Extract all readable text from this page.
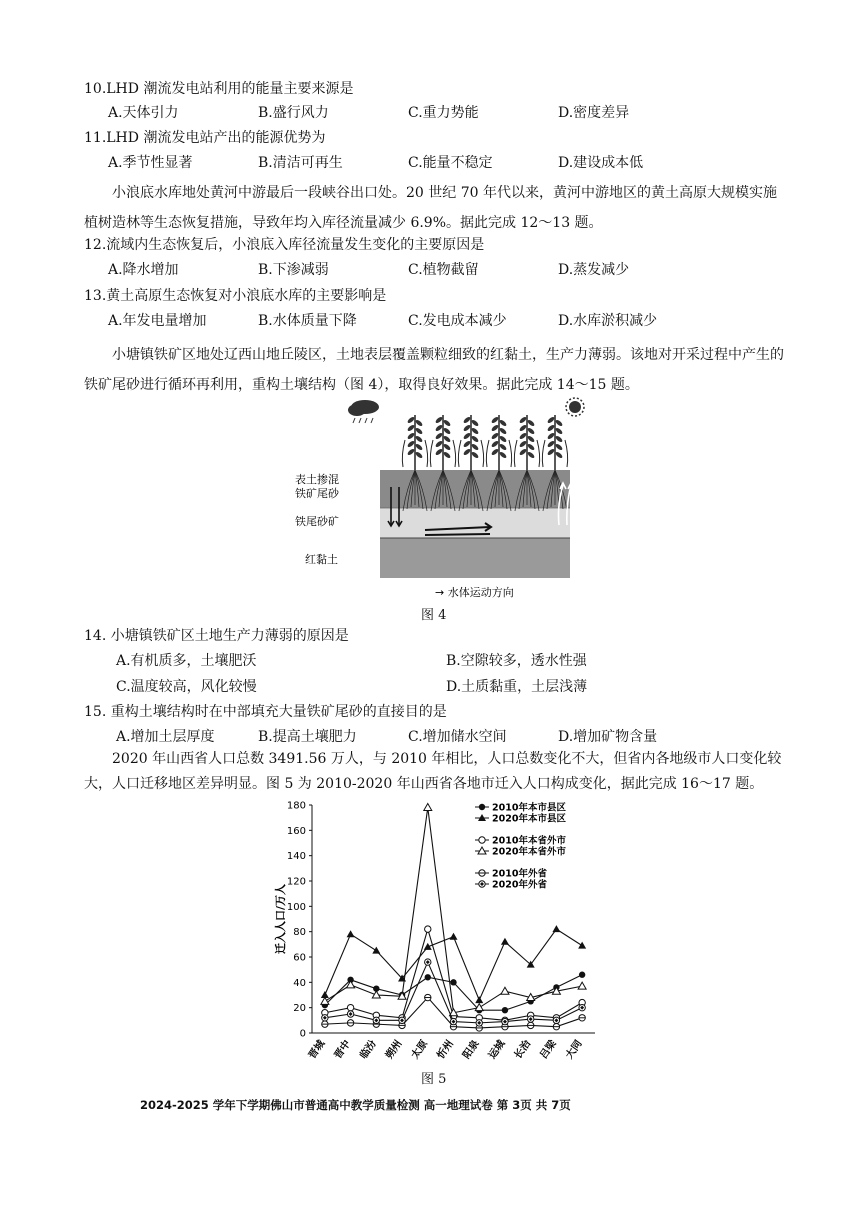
10.LHD 潮流发电站利用的能量主要来源是
A.天体引力	B.盛行风力	C.重力势能	D.密度差异
11.LHD 潮流发电站产出的能源优势为
A.季节性显著	B.清洁可再生	C.能量不稳定	D.建设成本低
小浪底水库地处黄河中游最后一段峡谷出口处。20 世纪 70 年代以来，黄河中游地区的黄土高原大规模实施植树造林等生态恢复措施，导致年均入库径流量减少 6.9%。据此完成 12～13 题。
12.流域内生态恢复后，小浪底入库径流量发生变化的主要原因是
A.降水增加	B.下渗减弱	C.植物截留	D.蒸发减少
13.黄土高原生态恢复对小浪底水库的主要影响是
A.年发电量增加	B.水体质量下降	C.发电成本减少	D.水库淤积减少
小塘镇铁矿区地处辽西山地丘陵区，土地表层覆盖颗粒细致的红黏土，生产力薄弱。该地对开采过程中产生的铁矿尾砂进行循环再利用，重构土壤结构（图 4），取得良好效果。据此完成 14～15 题。
表土掺混
铁矿尾砂
铁尾砂矿
红黏土
→ 水体运动方向
图 4
14. 小塘镇铁矿区土地生产力薄弱的原因是
A.有机质多，土壤肥沃	B.空隙较多，透水性强
C.温度较高，风化较慢	D.土质黏重，土层浅薄
15. 重构土壤结构时在中部填充大量铁矿尾砂的直接目的是
A.增加土层厚度	B.提高土壤肥力	C.增加储水空间	D.增加矿物含量
2020 年山西省人口总数 3491.56 万人，与 2010 年相比，人口总数变化不大，但省内各地级市人口变化较大，人口迁移地区差异明显。图 5 为 2010-2020 年山西省各地市迁入人口构成变化，据此完成 16～17 题。
0
20
40
60
80
100
120
140
160
180
晋城 晋中 临汾 朔州 太原 忻州 阳泉 运城 长治 吕梁 大同
迁入人口/万人
2010年本市县区
2020年本市县区
2010年本省外市
2020年本省外市
2010年外省
2020年外省
图 5
2024-2025 学年下学期佛山市普通高中教学质量检测 高一地理试卷 第 3页 共 7页
